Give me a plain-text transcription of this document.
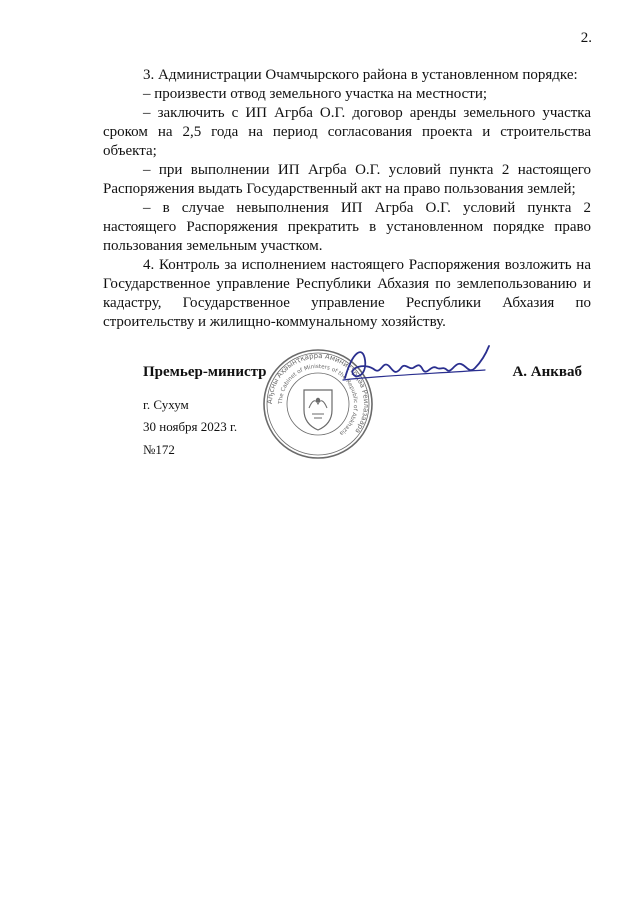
2.

3. Администрации Очамчырского района в установленном порядке:

– произвести отвод земельного участка на местности;

– заключить с ИП Агрба О.Г. договор аренды земельного участка сроком на 2,5 года на период согласования проекта и строительства объекта;

– при выполнении ИП Агрба О.Г. условий пункта 2 настоящего Распоряжения выдать Государственный акт на право пользования землей;

– в случае невыполнения ИП Агрба О.Г. условий пункта 2 настоящего Распоряжения прекратить в установленном порядке право пользования земельным участком.

4. Контроль за исполнением настоящего Распоряжения возложить на Государственное управление Республики Абхазия по землепользованию и кадастру, Государственное управление Республики Абхазия по строительству и жилищно-коммунальному хозяйству.

Аҧсны Аҳәынҭқарра Аминистрцәа Реилазаара
The Cabinet of Ministers of the Republic of Abkhazia
Премьер-министр	А. Анкваб
г. Сухум
30 ноября 2023 г.
№172
